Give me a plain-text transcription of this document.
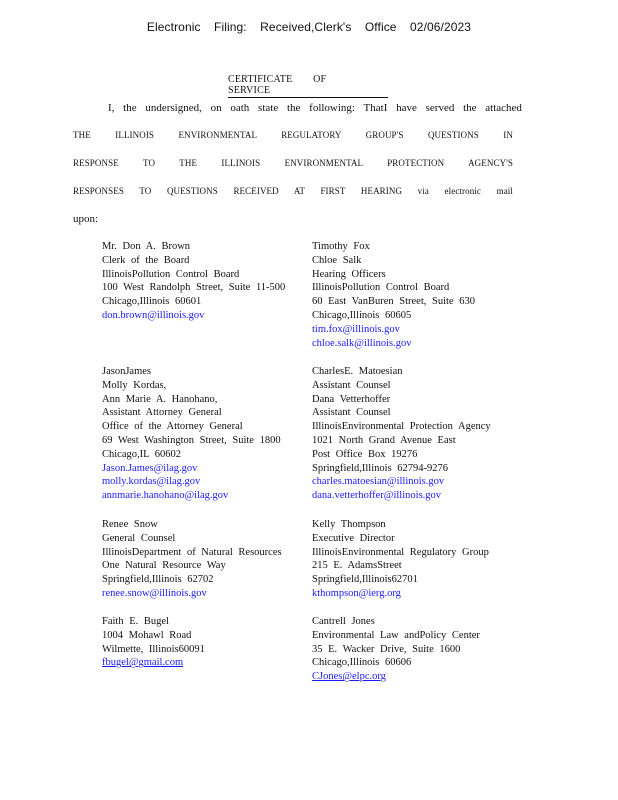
Electronic Filing: Received,Clerk's Office 02/06/2023
CERTIFICATE OF SERVICE
I, the undersigned, on oath state the following: ThatI have served the attached
THE ILLINOIS ENVIRONMENTAL REGULATORY GROUP'S QUESTIONS IN
RESPONSE TO THE ILLINOIS ENVIRONMENTAL PROTECTION AGENCY'S
RESPONSES TO QUESTIONS RECEIVED AT FIRST HEARING via electronic mail
upon:
Mr. Don A. Brown
Clerk of the Board
IllinoisPollution Control Board
100 West Randolph Street, Suite 11-500
Chicago,Illinois 60601
don.brown@illinois.gov
Timothy Fox
Chloe Salk
Hearing Officers
IllinoisPollution Control Board
60 East VanBuren Street, Suite 630
Chicago,Illinois 60605
tim.fox@illinois.gov
chloe.salk@illinois.gov
JasonJames
Molly Kordas,
Ann Marie A. Hanohano,
Assistant Attorney General
Office of the Attorney General
69 West Washington Street, Suite 1800
Chicago,IL 60602
Jason.James@ilag.gov
molly.kordas@ilag.gov
annmarie.hanohano@ilag.gov
CharlesE. Matoesian
Assistant Counsel
Dana Vetterhoffer
Assistant Counsel
IllinoisEnvironmental Protection Agency
1021 North Grand Avenue East
Post Office Box 19276
Springfield,Illinois 62794-9276
charles.matoesian@illinois.gov
dana.vetterhoffer@illinois.gov
Renee Snow
General Counsel
IllinoisDepartment of Natural Resources
One Natural Resource Way
Springfield,Illinois 62702
renee.snow@illinois.gov
Kelly Thompson
Executive Director
IllinoisEnvironmental Regulatory Group
215 E. AdamsStreet
Springfield,Illinois62701
kthompson@ierg.org
Faith E. Bugel
1004 Mohawl Road
Wilmette, Illinois60091
fbugel@gmail.com
Cantrell Jones
Environmental Law andPolicy Center
35 E. Wacker Drive, Suite 1600
Chicago,Illinois 60606
CJones@elpc.org
